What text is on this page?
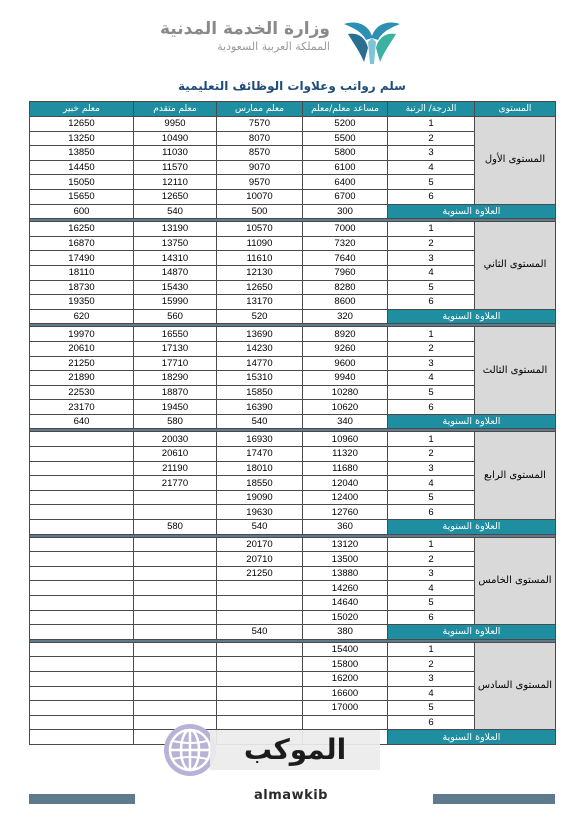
وزارة الخدمة المدنية
المملكة العربية السعودية
سلم رواتب وعلاوات الوظائف التعليمية
المستوى	الدرجة/ الرتبة	مساعد معلم/معلم	معلم ممارس	معلم متقدم	معلم خبير
المستوى الأول	1	5200	7570	9950	12650
	2	5500	8070	10490	13250
	3	5800	8570	11030	13850
	4	6100	9070	11570	14450
	5	6400	9570	12110	15050
	6	6700	10070	12650	15650
العلاوة السنوية		300	500	540	600

المستوى الثاني	1	7000	10570	13190	16250
	2	7320	11090	13750	16870
	3	7640	11610	14310	17490
	4	7960	12130	14870	18110
	5	8280	12650	15430	18730
	6	8600	13170	15990	19350
العلاوة السنوية		320	520	560	620

المستوى الثالث	1	8920	13690	16550	19970
	2	9260	14230	17130	20610
	3	9600	14770	17710	21250
	4	9940	15310	18290	21890
	5	10280	15850	18870	22530
	6	10620	16390	19450	23170
العلاوة السنوية		340	540	580	640

المستوى الرابع	1	10960	16930	20030	
	2	11320	17470	20610	
	3	11680	18010	21190	
	4	12040	18550	21770	
	5	12400	19090		
	6	12760	19630		
العلاوة السنوية		360	540	580	

المستوى الخامس	1	13120	20170		
	2	13500	20710		
	3	13880	21250		
	4	14260			
	5	14640			
	6	15020			
العلاوة السنوية		380	540		

المستوى السادس	1	15400			
	2	15800			
	3	16200			
	4	16600			
	5	17000			
	6				
العلاوة السنوية					
الموكب
almawkib
